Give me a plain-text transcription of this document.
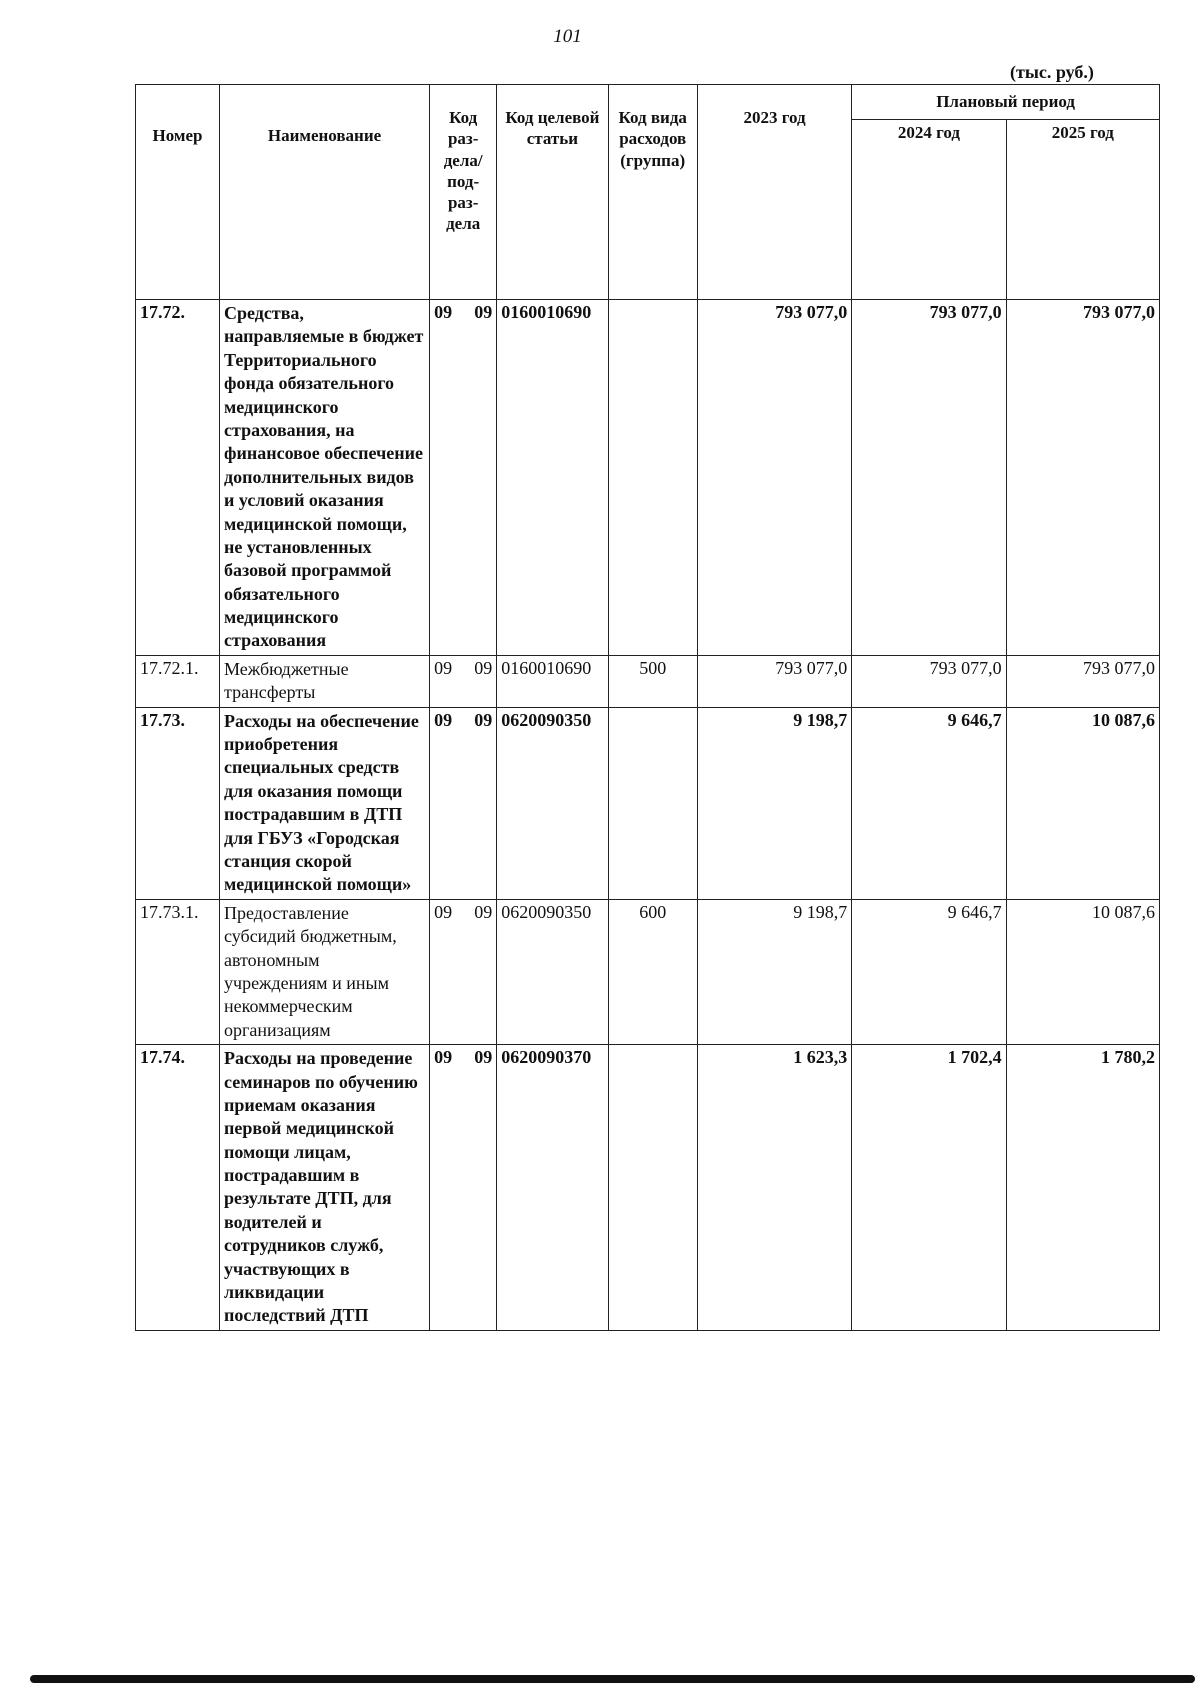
101
(тыс. руб.)
Номер	Наименование	Код раз-дела/ под-раз-дела	Код целевой статьи	Код вида расходов (группа)	2023 год	Плановый период	
						2024 год	2025 год
17.72.	Средства, направляемые в бюджет Территориального фонда обязательного медицинского страхования, на финансовое обеспечение дополнительных видов и условий оказания медицинской помощи, не установленных базовой программой обязательного медицинского страхования	09 09	0160010690		793 077,0	793 077,0	793 077,0
17.72.1.	Межбюджетные трансферты	09 09	0160010690	500	793 077,0	793 077,0	793 077,0
17.73.	Расходы на обеспечение приобретения специальных средств для оказания помощи пострадавшим в ДТП для ГБУЗ «Городская станция скорой медицинской помощи»	09 09	0620090350		9 198,7	9 646,7	10 087,6
17.73.1.	Предоставление субсидий бюджетным, автономным учреждениям и иным некоммерческим организациям	09 09	0620090350	600	9 198,7	9 646,7	10 087,6
17.74.	Расходы на проведение семинаров по обучению приемам оказания первой медицинской помощи лицам, пострадавшим в результате ДТП, для водителей и сотрудников служб, участвующих в ликвидации последствий ДТП	09 09	0620090370		1 623,3	1 702,4	1 780,2
